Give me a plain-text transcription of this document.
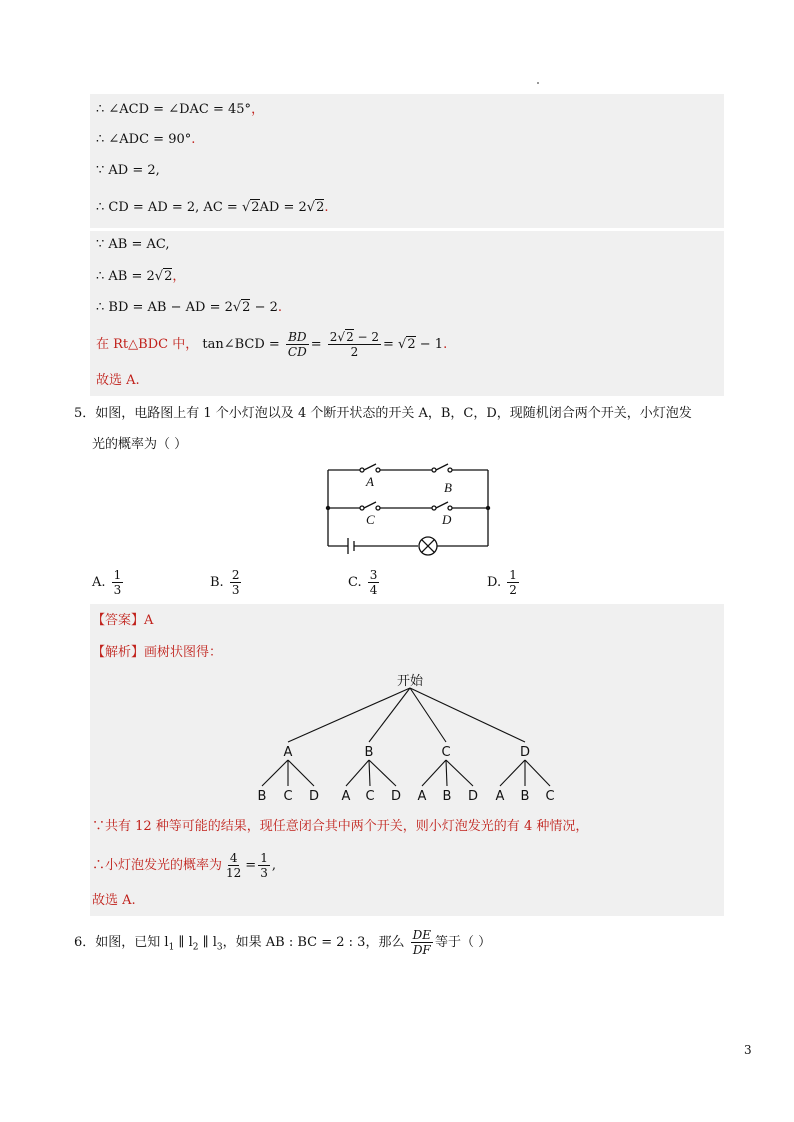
∴ ∠ACD = ∠DAC = 45°，
∴ ∠ADC = 90°.
∵ AD = 2,
∴ CD = AD = 2, AC = √2AD = 2√2.
∵ AB = AC,
∴ AB = 2√2，
∴ BD = AB − AD = 2√2 − 2.
在 Rt△BDC 中， tan∠BCD = $\frac{BD}{CD} = \frac{2√2 - 2}{2} = √2 - 1$.
故选 A.
5．如图，电路图上有 1 个小灯泡以及 4 个断开状态的开关 A，B，C，D，现随机闭合两个开关，小灯泡发
光的概率为（ ）
A	B
C	D
A. $\frac{1}{3}$	B. $\frac{2}{3}$	C. $\frac{3}{4}$	D. $\frac{1}{2}$
【答案】A
【解析】画树状图得：
开始
A	B	C	D
B C D A C D A B D A B C
∵共有 12 种等可能的结果，现任意闭合其中两个开关，则小灯泡发光的有 4 种情况，
∴小灯泡发光的概率为 $\frac{4}{12} = \frac{1}{3}$ ,
故选 A.
6．如图，已知 $l_1$ ∥ $l_2$ ∥ $l_3$，如果 AB : BC = 2 : 3，那么 $\frac{DE}{DF}$ 等于（ ）
3
